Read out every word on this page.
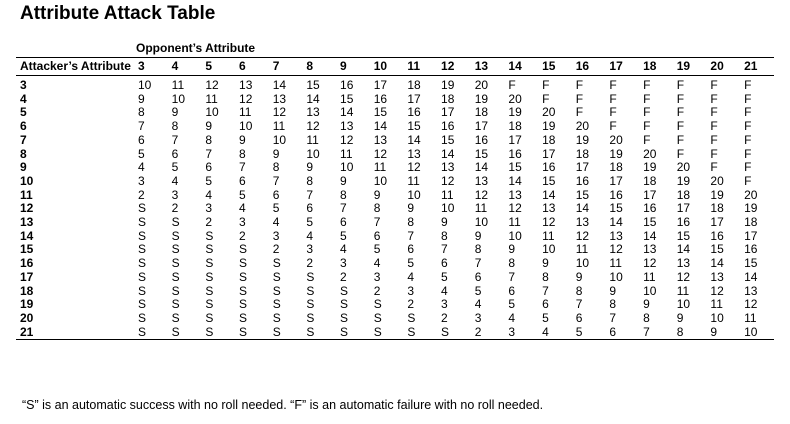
Attribute Attack Table
Opponent’s Attribute
Attacker’s Attribute	3	4	5	6	7	8	9	10	11	12	13	14	15	16	17	18	19	20	21
3	10	11	12	13	14	15	16	17	18	19	20	F	F	F	F	F	F	F	F
4	9	10	11	12	13	14	15	16	17	18	19	20	F	F	F	F	F	F	F
5	8	9	10	11	12	13	14	15	16	17	18	19	20	F	F	F	F	F	F
6	7	8	9	10	11	12	13	14	15	16	17	18	19	20	F	F	F	F	F
7	6	7	8	9	10	11	12	13	14	15	16	17	18	19	20	F	F	F	F
8	5	6	7	8	9	10	11	12	13	14	15	16	17	18	19	20	F	F	F
9	4	5	6	7	8	9	10	11	12	13	14	15	16	17	18	19	20	F	F
10	3	4	5	6	7	8	9	10	11	12	13	14	15	16	17	18	19	20	F
11	2	3	4	5	6	7	8	9	10	11	12	13	14	15	16	17	18	19	20
12	S	2	3	4	5	6	7	8	9	10	11	12	13	14	15	16	17	18	19
13	S	S	2	3	4	5	6	7	8	9	10	11	12	13	14	15	16	17	18
14	S	S	S	2	3	4	5	6	7	8	9	10	11	12	13	14	15	16	17
15	S	S	S	S	2	3	4	5	6	7	8	9	10	11	12	13	14	15	16
16	S	S	S	S	S	2	3	4	5	6	7	8	9	10	11	12	13	14	15
17	S	S	S	S	S	S	2	3	4	5	6	7	8	9	10	11	12	13	14
18	S	S	S	S	S	S	S	2	3	4	5	6	7	8	9	10	11	12	13
19	S	S	S	S	S	S	S	S	2	3	4	5	6	7	8	9	10	11	12
20	S	S	S	S	S	S	S	S	S	2	3	4	5	6	7	8	9	10	11
21	S	S	S	S	S	S	S	S	S	S	2	3	4	5	6	7	8	9	10

“S” is an automatic success with no roll needed. “F” is an automatic failure with no roll needed.
